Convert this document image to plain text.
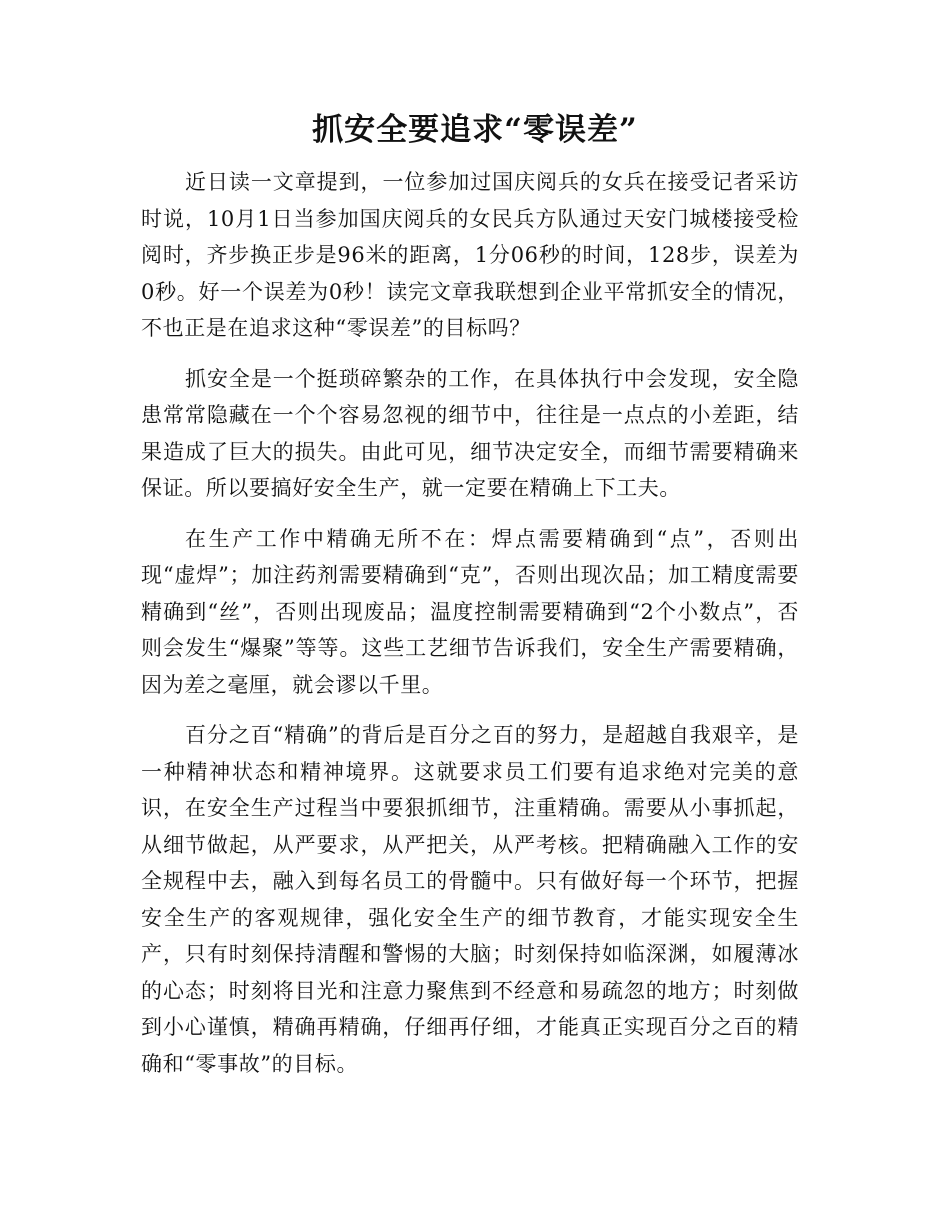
抓安全要追求“零误差”

近日读一文章提到，一位参加过国庆阅兵的女兵在接受记者采访时说，10月1日当参加国庆阅兵的女民兵方队通过天安门城楼接受检阅时，齐步换正步是96米的距离，1分06秒的时间，128步，误差为0秒。好一个误差为0秒！读完文章我联想到企业平常抓安全的情况，不也正是在追求这种“零误差”的目标吗？

抓安全是一个挺琐碎繁杂的工作，在具体执行中会发现，安全隐患常常隐藏在一个个容易忽视的细节中，往往是一点点的小差距，结果造成了巨大的损失。由此可见，细节决定安全，而细节需要精确来保证。所以要搞好安全生产，就一定要在精确上下工夫。

在生产工作中精确无所不在：焊点需要精确到“点”，否则出现“虚焊”；加注药剂需要精确到“克”，否则出现次品；加工精度需要精确到“丝”，否则出现废品；温度控制需要精确到“2个小数点”，否则会发生“爆聚”等等。这些工艺细节告诉我们，安全生产需要精确，因为差之毫厘，就会谬以千里。

百分之百“精确”的背后是百分之百的努力，是超越自我艰辛，是一种精神状态和精神境界。这就要求员工们要有追求绝对完美的意识，在安全生产过程当中要狠抓细节，注重精确。需要从小事抓起，从细节做起，从严要求，从严把关，从严考核。把精确融入工作的安全规程中去，融入到每名员工的骨髓中。只有做好每一个环节，把握安全生产的客观规律，强化安全生产的细节教育，才能实现安全生产，只有时刻保持清醒和警惕的大脑；时刻保持如临深渊，如履薄冰的心态；时刻将目光和注意力聚焦到不经意和易疏忽的地方；时刻做到小心谨慎，精确再精确，仔细再仔细，才能真正实现百分之百的精确和“零事故”的目标。
